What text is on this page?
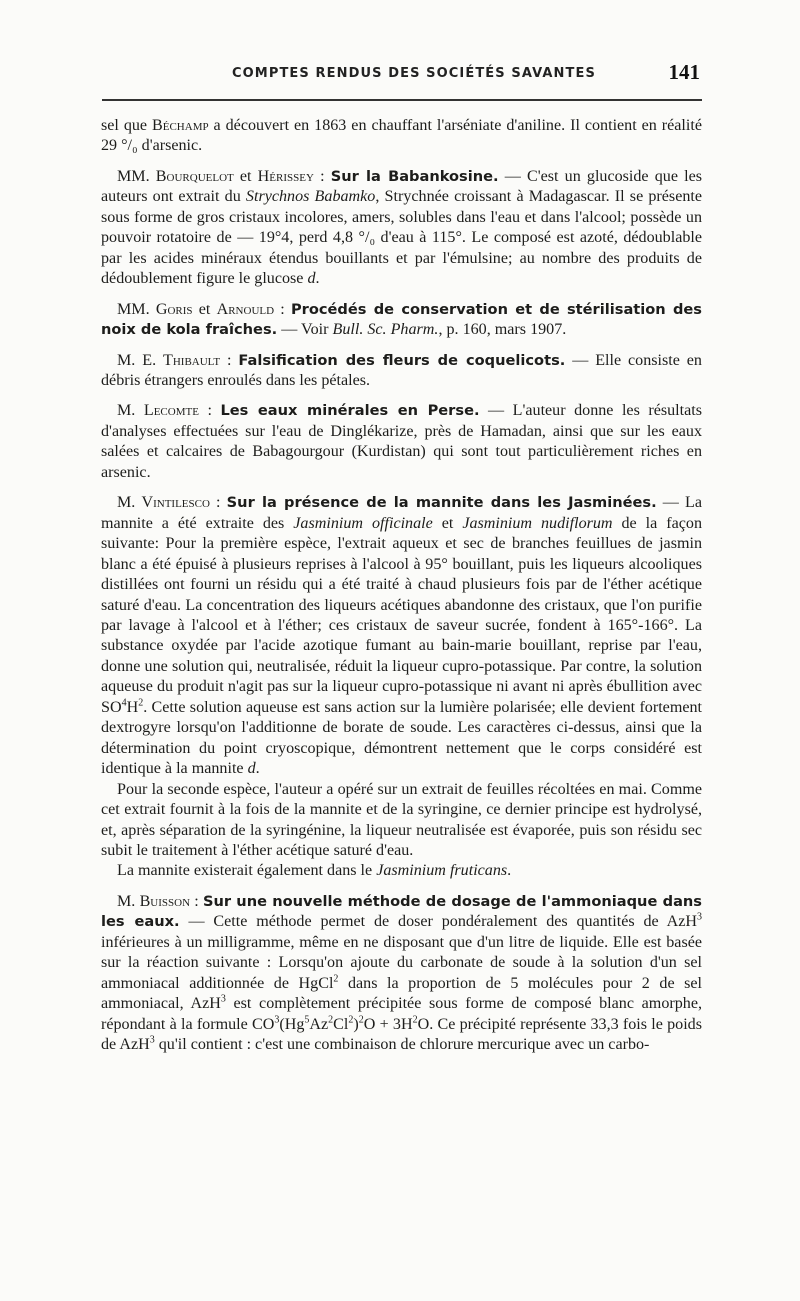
COMPTES RENDUS DES SOCIÉTÉS SAVANTES	141

sel que Béchamp a découvert en 1863 en chauffant l'arséniate d'aniline. Il contient en réalité 29 °/₀ d'arsenic.

MM. Bourquelot et Hérissey : Sur la Babankosine. — C'est un glucoside que les auteurs ont extrait du Strychnos Babamko, Strychnée croissant à Madagascar. Il se présente sous forme de gros cristaux incolores, amers, solubles dans l'eau et dans l'alcool; possède un pouvoir rotatoire de — 19°4, perd 4,8 °/₀ d'eau à 115°. Le composé est azoté, dédoublable par les acides minéraux étendus bouillants et par l'émulsine; au nombre des produits de dédoublement figure le glucose d.

MM. Goris et Arnould : Procédés de conservation et de stérilisation des noix de kola fraîches. — Voir Bull. Sc. Pharm., p. 160, mars 1907.

M. E. Thibault : Falsification des fleurs de coquelicots. — Elle consiste en débris étrangers enroulés dans les pétales.

M. Lecomte : Les eaux minérales en Perse. — L'auteur donne les résultats d'analyses effectuées sur l'eau de Dinglékarize, près de Hamadan, ainsi que sur les eaux salées et calcaires de Babagourgour (Kurdistan) qui sont tout particulièrement riches en arsenic.

M. Vintilesco : Sur la présence de la mannite dans les Jasminées. — La mannite a été extraite des Jasminium officinale et Jasminium nudiflorum de la façon suivante: Pour la première espèce, l'extrait aqueux et sec de branches feuillues de jasmin blanc a été épuisé à plusieurs reprises à l'alcool à 95° bouillant, puis les liqueurs alcooliques distillées ont fourni un résidu qui a été traité à chaud plusieurs fois par de l'éther acétique saturé d'eau. La concentration des liqueurs acétiques abandonne des cristaux, que l'on purifie par lavage à l'alcool et à l'éther; ces cristaux de saveur sucrée, fondent à 165°-166°. La substance oxydée par l'acide azotique fumant au bain-marie bouillant, reprise par l'eau, donne une solution qui, neutralisée, réduit la liqueur cupro-potassique. Par contre, la solution aqueuse du produit n'agit pas sur la liqueur cupro-potassique ni avant ni après ébullition avec $SO^4H^2$. Cette solution aqueuse est sans action sur la lumière polarisée; elle devient fortement dextrogyre lorsqu'on l'additionne de borate de soude. Les caractères ci-dessus, ainsi que la détermination du point cryoscopique, démontrent nettement que le corps considéré est identique à la mannite d.

Pour la seconde espèce, l'auteur a opéré sur un extrait de feuilles récoltées en mai. Comme cet extrait fournit à la fois de la mannite et de la syringine, ce dernier principe est hydrolysé, et, après séparation de la syringénine, la liqueur neutralisée est évaporée, puis son résidu sec subit le traitement à l'éther acétique saturé d'eau.

La mannite existerait également dans le Jasminium fruticans.

M. Buisson : Sur une nouvelle méthode de dosage de l'ammoniaque dans les eaux. — Cette méthode permet de doser pondéralement des quantités de AzH$^3$ inférieures à un milligramme, même en ne disposant que d'un litre de liquide. Elle est basée sur la réaction suivante : Lorsqu'on ajoute du carbonate de soude à la solution d'un sel ammoniacal additionnée de HgCl$^2$ dans la proportion de 5 molécules pour 2 de sel ammoniacal, AzH$^3$ est complètement précipitée sous forme de composé blanc amorphe, répondant à la formule $CO^3(Hg^5Az^2Cl^2)^2O + 3H^2O$. Ce précipité représente 33,3 fois le poids de AzH$^3$ qu'il contient : c'est une combinaison de chlorure mercurique avec un carbo-
